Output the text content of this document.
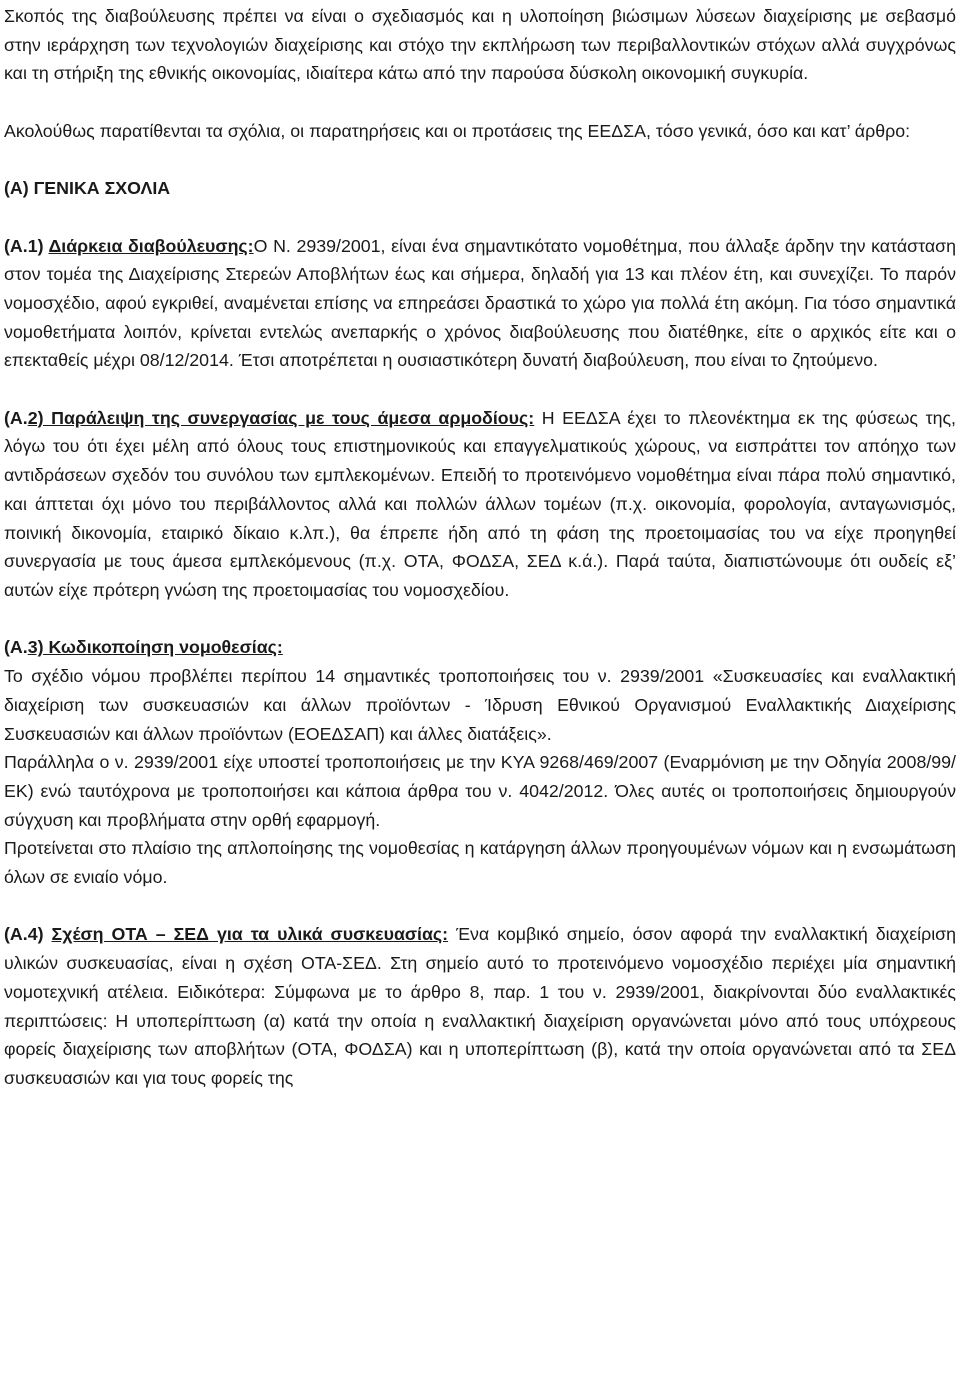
Σκοπός της διαβούλευσης πρέπει να είναι ο σχεδιασμός και η υλοποίηση βιώσιμων λύσεων διαχείρισης με σεβασμό στην ιεράρχηση των τεχνολογιών διαχείρισης και στόχο την εκπλήρωση των περιβαλλοντικών στόχων αλλά συγχρόνως και τη στήριξη της εθνικής οικονομίας, ιδιαίτερα κάτω από την παρούσα δύσκολη οικονομική συγκυρία.

Ακολούθως παρατίθενται τα σχόλια, οι παρατηρήσεις και οι προτάσεις της ΕΕΔΣΑ, τόσο γενικά, όσο και κατ’ άρθρο:

(Α) ΓΕΝΙΚΑ ΣΧΟΛΙΑ

(Α.1) Διάρκεια διαβούλευσης:Ο Ν. 2939/2001, είναι ένα σημαντικότατο νομοθέτημα, που άλλαξε άρδην την κατάσταση στον τομέα της Διαχείρισης Στερεών Αποβλήτων έως και σήμερα, δηλαδή για 13 και πλέον έτη, και συνεχίζει. Το παρόν νομοσχέδιο, αφού εγκριθεί, αναμένεται επίσης να επηρεάσει δραστικά το χώρο για πολλά έτη ακόμη. Για τόσο σημαντικά νομοθετήματα λοιπόν, κρίνεται εντελώς ανεπαρκής ο χρόνος διαβούλευσης που διατέθηκε, είτε ο αρχικός είτε και ο επεκταθείς μέχρι 08/12/2014. Έτσι αποτρέπεται η ουσιαστικότερη δυνατή διαβούλευση, που είναι το ζητούμενο.

(Α.2) Παράλειψη της συνεργασίας με τους άμεσα αρμοδίους: Η ΕΕΔΣΑ έχει το πλεονέκτημα εκ της φύσεως της, λόγω του ότι έχει μέλη από όλους τους επιστημονικούς και επαγγελματικούς χώρους, να εισπράττει τον απόηχο των αντιδράσεων σχεδόν του συνόλου των εμπλεκομένων. Επειδή το προτεινόμενο νομοθέτημα είναι πάρα πολύ σημαντικό, και άπτεται όχι μόνο του περιβάλλοντος αλλά και πολλών άλλων τομέων (π.χ. οικονομία, φορολογία, ανταγωνισμός, ποινική δικονομία, εταιρικό δίκαιο κ.λπ.), θα έπρεπε ήδη από τη φάση της προετοιμασίας του να είχε προηγηθεί συνεργασία με τους άμεσα εμπλεκόμενους (π.χ. ΟΤΑ, ΦΟΔΣΑ, ΣΕΔ κ.ά.). Παρά ταύτα, διαπιστώνουμε ότι ουδείς εξ’ αυτών είχε πρότερη γνώση της προετοιμασίας του νομοσχεδίου.

(Α.3) Κωδικοποίηση νομοθεσίας:

Το σχέδιο νόμου προβλέπει περίπου 14 σημαντικές τροποποιήσεις του ν. 2939/2001 «Συσκευασίες και εναλλακτική διαχείριση των συσκευασιών και άλλων προϊόντων - Ίδρυση Εθνικού Οργανισμού Εναλλακτικής Διαχείρισης Συσκευασιών και άλλων προϊόντων (ΕΟΕΔΣΑΠ) και άλλες διατάξεις».

Παράλληλα ο ν. 2939/2001 είχε υποστεί τροποποιήσεις με την ΚΥΑ 9268/469/2007 (Εναρμόνιση με την Οδηγία 2008/99/ΕΚ) ενώ ταυτόχρονα με τροποποιήσει και κάποια άρθρα του ν. 4042/2012. Όλες αυτές οι τροποποιήσεις δημιουργούν σύγχυση και προβλήματα στην ορθή εφαρμογή.

Προτείνεται στο πλαίσιο της απλοποίησης της νομοθεσίας η κατάργηση άλλων προηγουμένων νόμων και η ενσωμάτωση όλων σε ενιαίο νόμο.

(Α.4) Σχέση ΟΤΑ – ΣΕΔ για τα υλικά συσκευασίας: Ένα κομβικό σημείο, όσον αφορά την εναλλακτική διαχείριση υλικών συσκευασίας, είναι η σχέση ΟΤΑ-ΣΕΔ. Στη σημείο αυτό το προτεινόμενο νομοσχέδιο περιέχει μία σημαντική νομοτεχνική ατέλεια. Ειδικότερα: Σύμφωνα με το άρθρο 8, παρ. 1 του ν. 2939/2001, διακρίνονται δύο εναλλακτικές περιπτώσεις: Η υποπερίπτωση (α) κατά την οποία η εναλλακτική διαχείριση οργανώνεται μόνο από τους υπόχρεους φορείς διαχείρισης των αποβλήτων (ΟΤΑ, ΦΟΔΣΑ) και η υποπερίπτωση (β), κατά την οποία οργανώνεται από τα ΣΕΔ συσκευασιών και για τους φορείς της
